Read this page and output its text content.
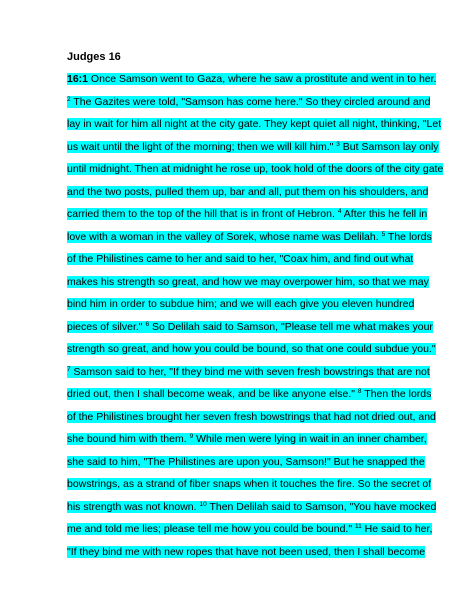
Judges 16
16:1 Once Samson went to Gaza, where he saw a prostitute and went in to her.
$^2$ The Gazites were told, "Samson has come here." So they circled around and
lay in wait for him all night at the city gate. They kept quiet all night, thinking, "Let
us wait until the light of the morning; then we will kill him." $^3$ But Samson lay only
until midnight. Then at midnight he rose up, took hold of the doors of the city gate
and the two posts, pulled them up, bar and all, put them on his shoulders, and
carried them to the top of the hill that is in front of Hebron. $^4$ After this he fell in
love with a woman in the valley of Sorek, whose name was Delilah. $^5$ The lords
of the Philistines came to her and said to her, "Coax him, and find out what
makes his strength so great, and how we may overpower him, so that we may
bind him in order to subdue him; and we will each give you eleven hundred
pieces of silver." $^6$ So Delilah said to Samson, "Please tell me what makes your
strength so great, and how you could be bound, so that one could subdue you."
$^7$ Samson said to her, "If they bind me with seven fresh bowstrings that are not
dried out, then I shall become weak, and be like anyone else." $^8$ Then the lords
of the Philistines brought her seven fresh bowstrings that had not dried out, and
she bound him with them. $^9$ While men were lying in wait in an inner chamber,
she said to him, "The Philistines are upon you, Samson!" But he snapped the
bowstrings, as a strand of fiber snaps when it touches the fire. So the secret of
his strength was not known. $^{10}$ Then Delilah said to Samson, "You have mocked
me and told me lies; please tell me how you could be bound." $^{11}$ He said to her,
"If they bind me with new ropes that have not been used, then I shall become
